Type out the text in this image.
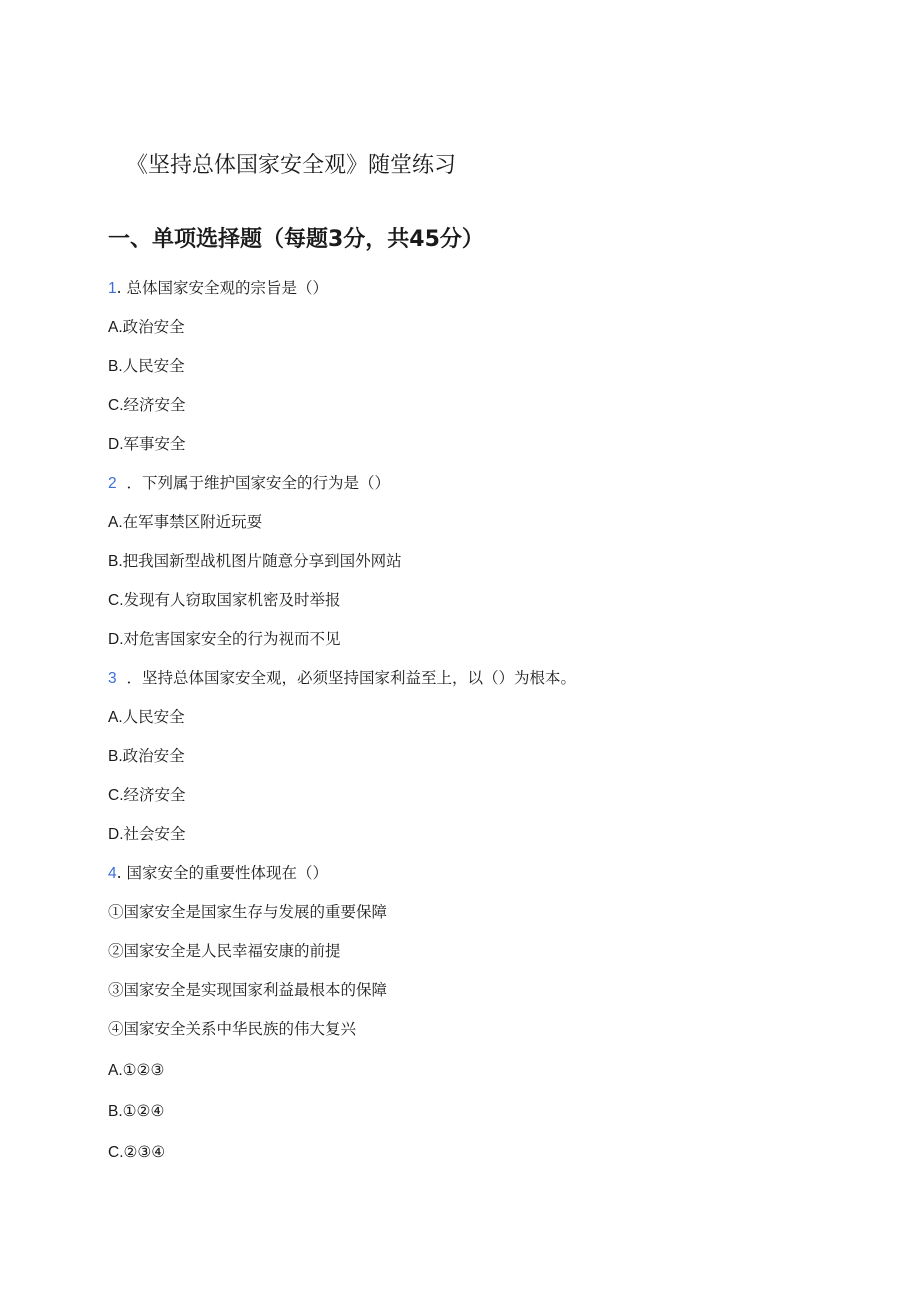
《坚持总体国家安全观》随堂练习
一、单项选择题（每题3分，共45分）
1. 总体国家安全观的宗旨是（）
A.政治安全
B.人民安全
C.经济安全
D.军事安全
2 ．下列属于维护国家安全的行为是（）
A.在军事禁区附近玩耍
B.把我国新型战机图片随意分享到国外网站
C.发现有人窃取国家机密及时举报
D.对危害国家安全的行为视而不见
3 ．坚持总体国家安全观，必须坚持国家利益至上，以（）为根本。
A.人民安全
B.政治安全
C.经济安全
D.社会安全
4. 国家安全的重要性体现在（）
①国家安全是国家生存与发展的重要保障
②国家安全是人民幸福安康的前提
③国家安全是实现国家利益最根本的保障
④国家安全关系中华民族的伟大复兴
A.①②③
B.①②④
C.②③④
